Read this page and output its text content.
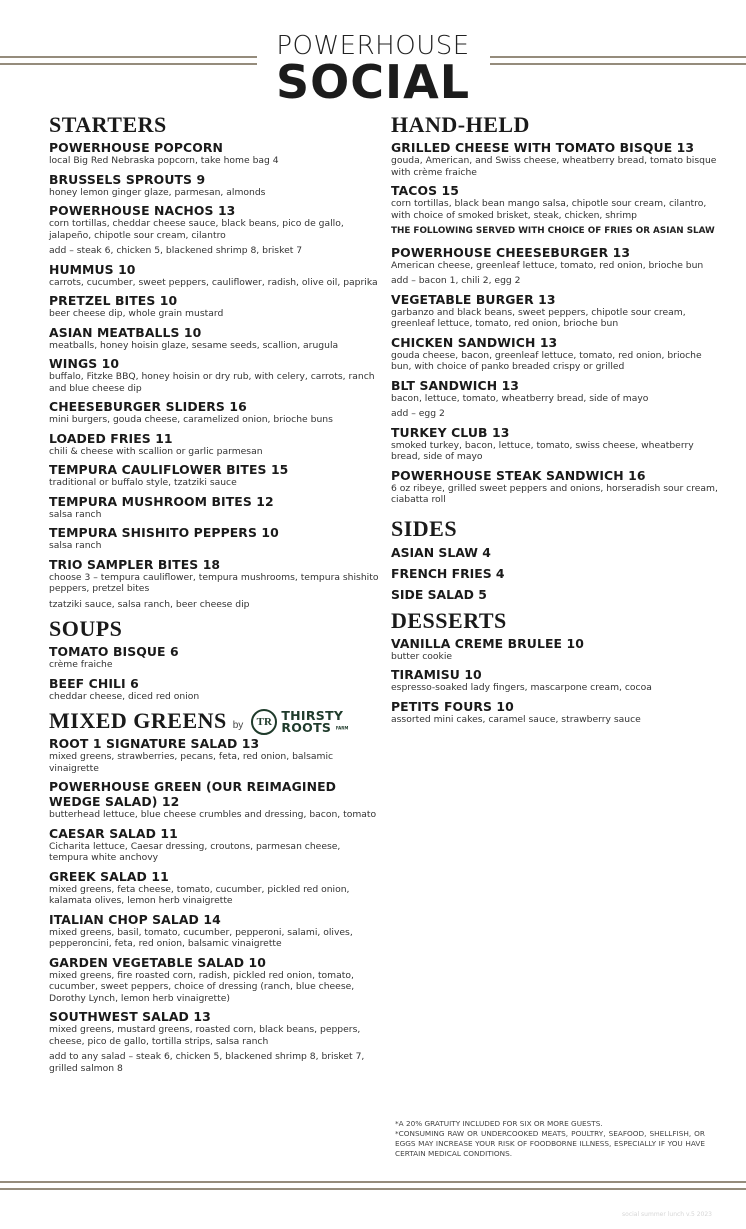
POWERHOUSE
SOCIAL
STARTERS
POWERHOUSE POPCORN
local Big Red Nebraska popcorn, take home bag 4
BRUSSELS SPROUTS 9
honey lemon ginger glaze, parmesan, almonds
POWERHOUSE NACHOS 13
corn tortillas, cheddar cheese sauce, black beans, pico de gallo, jalapeño, chipotle sour cream, cilantro
add – steak 6, chicken 5, blackened shrimp 8, brisket 7
HUMMUS 10
carrots, cucumber, sweet peppers, cauliflower, radish, olive oil, paprika
PRETZEL BITES 10
beer cheese dip, whole grain mustard
ASIAN MEATBALLS 10
meatballs, honey hoisin glaze, sesame seeds, scallion, arugula
WINGS 10
buffalo, Fitzke BBQ, honey hoisin or dry rub, with celery, carrots, ranch and blue cheese dip
CHEESEBURGER SLIDERS 16
mini burgers, gouda cheese, caramelized onion, brioche buns
LOADED FRIES 11
chili & cheese with scallion or garlic parmesan
TEMPURA CAULIFLOWER BITES 15
traditional or buffalo style, tzatziki sauce
TEMPURA MUSHROOM BITES 12
salsa ranch
TEMPURA SHISHITO PEPPERS 10
salsa ranch
TRIO SAMPLER BITES 18
choose 3 – tempura cauliflower, tempura mushrooms, tempura shishito peppers, pretzel bites
tzatziki sauce, salsa ranch, beer cheese dip
SOUPS
TOMATO BISQUE 6
crème fraiche
BEEF CHILI 6
cheddar cheese, diced red onion
MIXED GREENS by	TR THIRSTY
ROOTS FARM
ROOT 1 SIGNATURE SALAD 13
mixed greens, strawberries, pecans, feta, red onion, balsamic vinaigrette
POWERHOUSE GREEN (OUR REIMAGINED WEDGE SALAD) 12
butterhead lettuce, blue cheese crumbles and dressing, bacon, tomato
CAESAR SALAD 11
Cicharita lettuce, Caesar dressing, croutons, parmesan cheese, tempura white anchovy
GREEK SALAD 11
mixed greens, feta cheese, tomato, cucumber, pickled red onion, kalamata olives, lemon herb vinaigrette
ITALIAN CHOP SALAD 14
mixed greens, basil, tomato, cucumber, pepperoni, salami, olives, pepperoncini, feta, red onion, balsamic vinaigrette
GARDEN VEGETABLE SALAD 10
mixed greens, fire roasted corn, radish, pickled red onion, tomato, cucumber, sweet peppers, choice of dressing (ranch, blue cheese, Dorothy Lynch, lemon herb vinaigrette)
SOUTHWEST SALAD 13
mixed greens, mustard greens, roasted corn, black beans, peppers, cheese, pico de gallo, tortilla strips, salsa ranch
add to any salad – steak 6, chicken 5, blackened shrimp 8, brisket 7, grilled salmon 8
HAND-HELD
GRILLED CHEESE WITH TOMATO BISQUE 13
gouda, American, and Swiss cheese, wheatberry bread, tomato bisque with crème fraiche
TACOS 15
corn tortillas, black bean mango salsa, chipotle sour cream, cilantro, with choice of smoked brisket, steak, chicken, shrimp
THE FOLLOWING SERVED WITH CHOICE OF FRIES OR ASIAN SLAW
POWERHOUSE CHEESEBURGER 13
American cheese, greenleaf lettuce, tomato, red onion, brioche bun
add – bacon 1, chili 2, egg 2
VEGETABLE BURGER 13
garbanzo and black beans, sweet peppers, chipotle sour cream, greenleaf lettuce, tomato, red onion, brioche bun
CHICKEN SANDWICH 13
gouda cheese, bacon, greenleaf lettuce, tomato, red onion, brioche bun, with choice of panko breaded crispy or grilled
BLT SANDWICH 13
bacon, lettuce, tomato, wheatberry bread, side of mayo
add – egg 2
TURKEY CLUB 13
smoked turkey, bacon, lettuce, tomato, swiss cheese, wheatberry bread, side of mayo
POWERHOUSE STEAK SANDWICH 16
6 oz ribeye, grilled sweet peppers and onions, horseradish sour cream, ciabatta roll
SIDES
ASIAN SLAW 4
FRENCH FRIES 4
SIDE SALAD 5
DESSERTS
VANILLA CREME BRULEE 10
butter cookie
TIRAMISU 10
espresso-soaked lady fingers, mascarpone cream, cocoa
PETITS FOURS 10
assorted mini cakes, caramel sauce, strawberry sauce
*A 20% GRATUITY INCLUDED FOR SIX OR MORE GUESTS.
*CONSUMING RAW OR UNDERCOOKED MEATS, POULTRY, SEAFOOD, SHELLFISH, OR EGGS MAY INCREASE YOUR RISK OF FOODBORNE ILLNESS, ESPECIALLY IF YOU HAVE CERTAIN MEDICAL CONDITIONS.
social summer lunch v.5 2023
